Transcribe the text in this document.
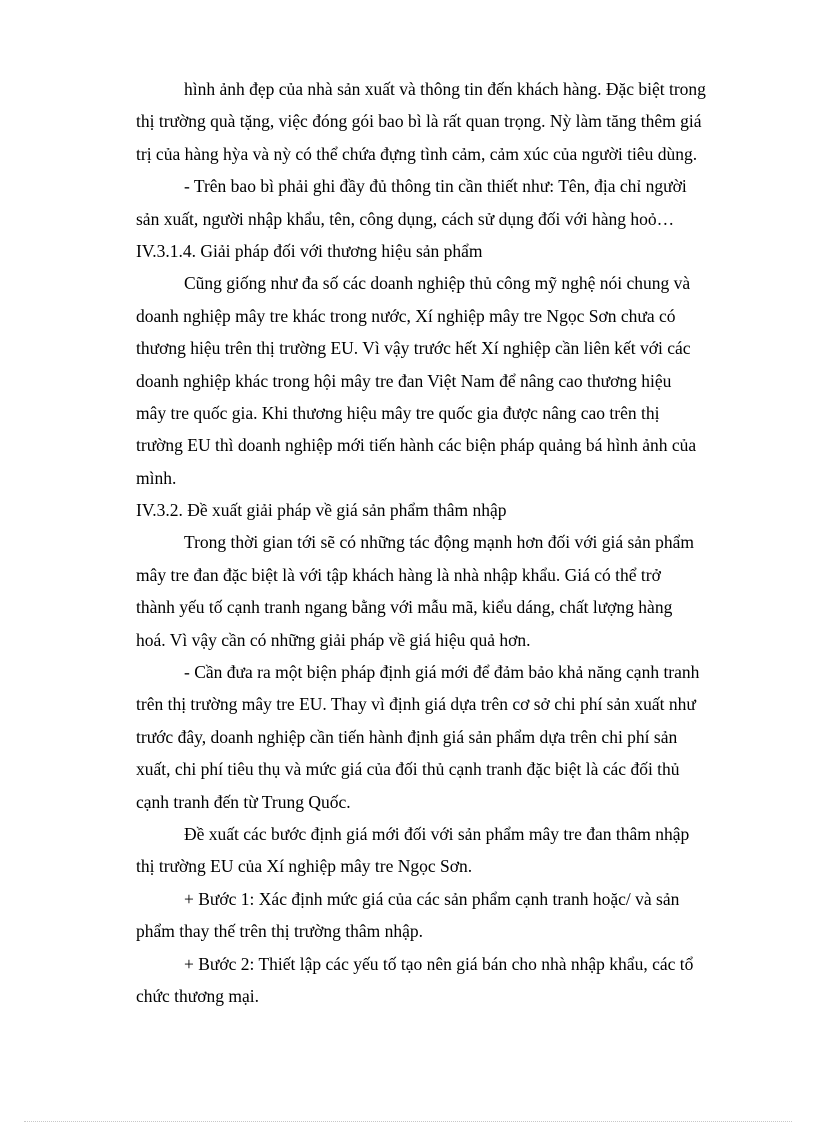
hình ảnh đẹp của nhà sản xuất và thông tin đến khách hàng. Đặc biệt trong
thị trường quà tặng, việc đóng gói bao bì là rất quan trọng. Nỳ làm tăng thêm giá
trị của hàng hỳa và nỳ có thể chứa đựng tình cảm, cảm xúc của người tiêu dùng.
- Trên bao bì phải ghi đầy đủ thông tin cần thiết như: Tên, địa chỉ người
sản xuất, người nhập khẩu, tên, công dụng, cách sử dụng đối với hàng hoỏ…
IV.3.1.4. Giải pháp đối với thương hiệu sản phẩm
Cũng giống như đa số các doanh nghiệp thủ công mỹ nghệ nói chung và
doanh nghiệp mây tre khác trong nước, Xí nghiệp mây tre Ngọc Sơn chưa có
thương hiệu trên thị trường EU. Vì vậy trước hết Xí nghiệp cần liên kết với các
doanh nghiệp khác trong hội mây tre đan Việt Nam để nâng cao thương hiệu
mây tre quốc gia. Khi thương hiệu mây tre quốc gia được nâng cao trên thị
trường EU thì doanh nghiệp mới tiến hành các biện pháp quảng bá hình ảnh của
mình.
IV.3.2. Đề xuất giải pháp về giá sản phẩm thâm nhập
Trong thời gian tới sẽ có những tác động mạnh hơn đối với giá sản phẩm
mây tre đan đặc biệt là với tập khách hàng là nhà nhập khẩu. Giá có thể trở
thành yếu tố cạnh tranh ngang bằng với mẫu mã, kiểu dáng, chất lượng hàng
hoá. Vì vậy cần có những giải pháp về giá hiệu quả hơn.
- Cần đưa ra một biện pháp định giá mới để đảm bảo khả năng cạnh tranh
trên thị trường mây tre EU. Thay vì định giá dựa trên cơ sở chi phí sản xuất như
trước đây, doanh nghiệp cần tiến hành định giá sản phẩm dựa trên chi phí sản
xuất, chi phí tiêu thụ và mức giá của đối thủ cạnh tranh đặc biệt là các đối thủ
cạnh tranh đến từ Trung Quốc.
Đề xuất các bước định giá mới đối với sản phẩm mây tre đan thâm nhập
thị trường EU của Xí nghiệp mây tre Ngọc Sơn.
+ Bước 1: Xác định mức giá của các sản phẩm cạnh tranh hoặc/ và sản
phẩm thay thế trên thị trường thâm nhập.
+ Bước 2: Thiết lập các yếu tố tạo nên giá bán cho nhà nhập khẩu, các tổ
chức thương mại.
